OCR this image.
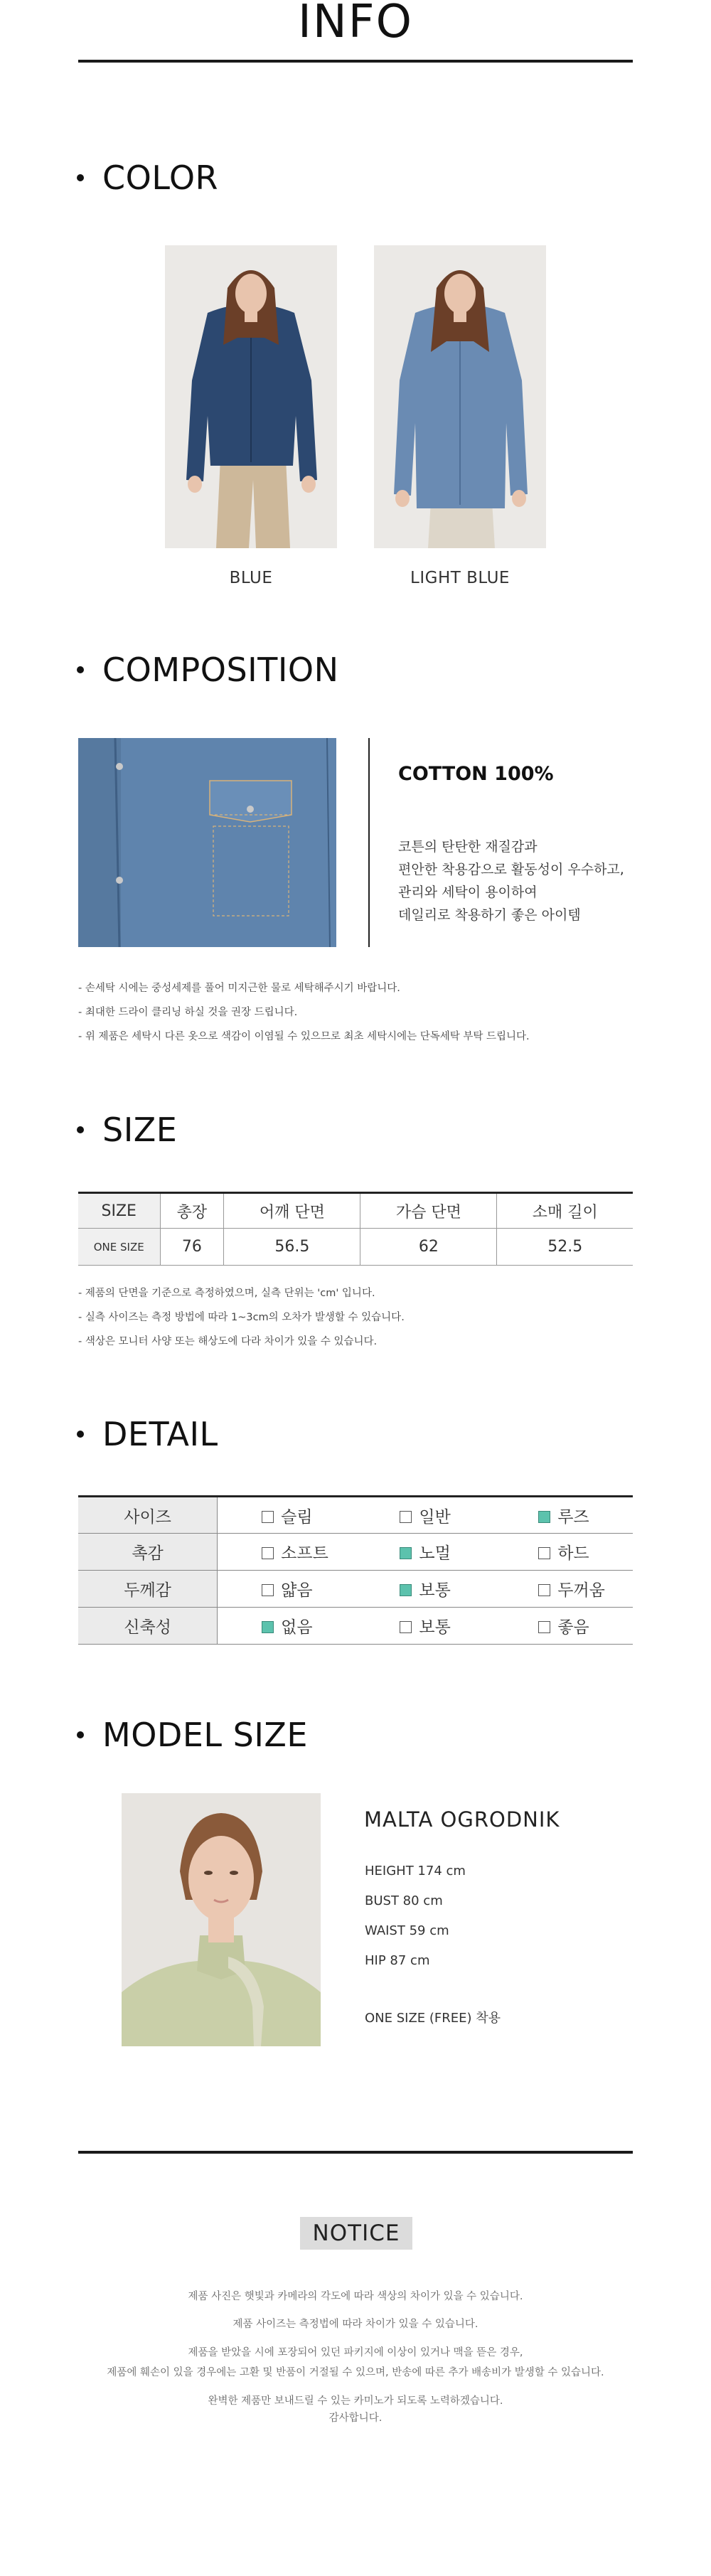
INFO
COLOR
BLUE	LIGHT BLUE
COMPOSITION
COTTON 100%
코튼의 탄탄한 재질감과
편안한 착용감으로 활동성이 우수하고,
관리와 세탁이 용이하여
데일리로 착용하기 좋은 아이템
- 손세탁 시에는 중성세제를 풀어 미지근한 물로 세탁해주시기 바랍니다.
- 최대한 드라이 클리닝 하실 것을 권장 드립니다.
- 위 제품은 세탁시 다른 옷으로 색감이 이염될 수 있으므로 최초 세탁시에는 단독세탁 부탁 드립니다.
SIZE
SIZE	총장	어깨 단면	가슴 단면	소매 길이
ONE SIZE	76	56.5	62	52.5
- 제품의 단면을 기준으로 측정하였으며, 실측 단위는 'cm' 입니다.
- 실측 사이즈는 측정 방법에 따라 1~3cm의 오차가 발생할 수 있습니다.
- 색상은 모니터 사양 또는 해상도에 다라 차이가 있을 수 있습니다.
DETAIL
사이즈	슬림	일반	루즈
촉감	소프트	노멀	하드
두께감	얇음	보통	두꺼움
신축성	없음	보통	좋음
MODEL SIZE
MALTA OGRODNIK
HEIGHT 174 cm
BUST 80 cm
WAIST 59 cm
HIP 87 cm
ONE SIZE (FREE) 착용
NOTICE
제품 사진은 햇빛과 카메라의 각도에 따라 색상의 차이가 있을 수 있습니다.
제품 사이즈는 측정법에 따라 차이가 있을 수 있습니다.
제품을 받았을 시에 포장되어 있던 파키지에 이상이 있거나 맥을 뜯은 경우,
제품에 훼손이 있을 경우에는 고환 및 반품이 거절될 수 있으며, 반송에 따른 추가 배송비가 발생할 수 있습니다.
완벽한 제품만 보내드릴 수 있는 카미노가 되도록 노력하겠습니다.
감사합니다.
